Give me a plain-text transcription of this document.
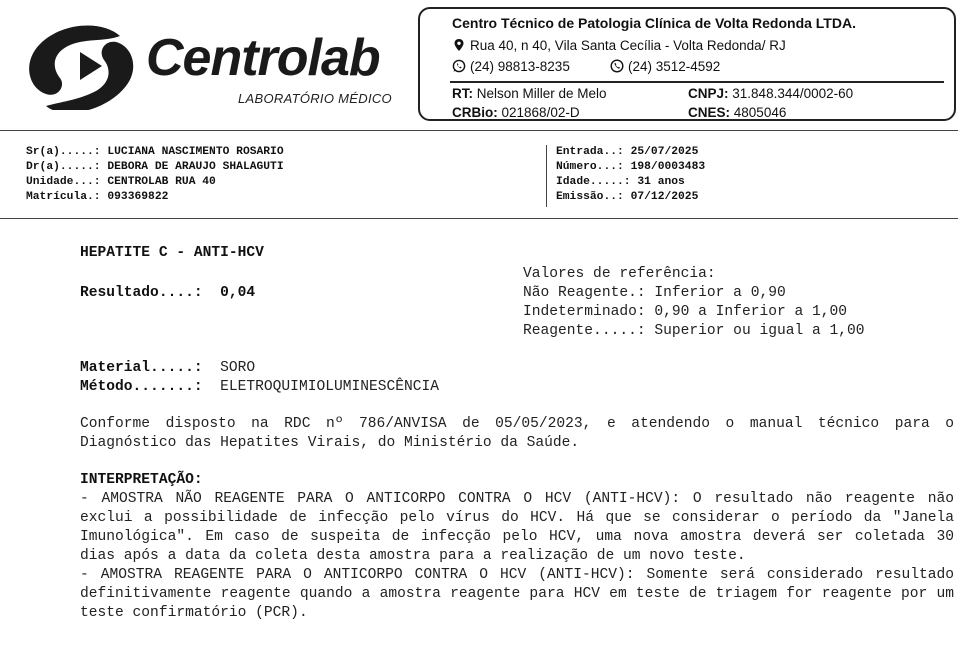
Centrolab
LABORATÓRIO MÉDICO
Centro Técnico de Patologia Clínica de Volta Redonda LTDA.
Rua 40, n 40, Vila Santa Cecília - Volta Redonda/ RJ
(24) 98813-8235	(24) 3512-4592
RT: Nelson Miller de Melo
CRBio: 021868/02-D
CNPJ: 31.848.344/0002-60
CNES: 4805046
Sr(a).....: LUCIANA NASCIMENTO ROSARIO
Dr(a).....: DEBORA DE ARAUJO SHALAGUTI
Unidade...: CENTROLAB RUA 40
Matrícula.: 093369822
Entrada..: 25/07/2025
Número...: 198/0003483
Idade.....: 31 anos
Emissão..: 07/12/2025
HEPATITE C - ANTI-HCV
Resultado....: 0,04
Valores de referência:
Não Reagente.: Inferior a 0,90
Indeterminado: 0,90 a Inferior a 1,00
Reagente.....: Superior ou igual a 1,00
Material.....: SORO
Método.......: ELETROQUIMIOLUMINESCÊNCIA
Conforme disposto na RDC nº 786/ANVISA de 05/05/2023, e atendendo o manual técnico para o Diagnóstico das Hepatites Virais, do Ministério da Saúde.
INTERPRETAÇÃO:

- AMOSTRA NÃO REAGENTE PARA O ANTICORPO CONTRA O HCV (ANTI-HCV): O resultado não reagente não exclui a possibilidade de infecção pelo vírus do HCV. Há que se considerar o período da "Janela Imunológica". Em caso de suspeita de infecção pelo HCV, uma nova amostra deverá ser coletada 30 dias após a data da coleta desta amostra para a realização de um novo teste.

- AMOSTRA REAGENTE PARA O ANTICORPO CONTRA O HCV (ANTI-HCV): Somente será considerado resultado definitivamente reagente quando a amostra reagente para HCV em teste de triagem for reagente por um teste confirmatório (PCR).
